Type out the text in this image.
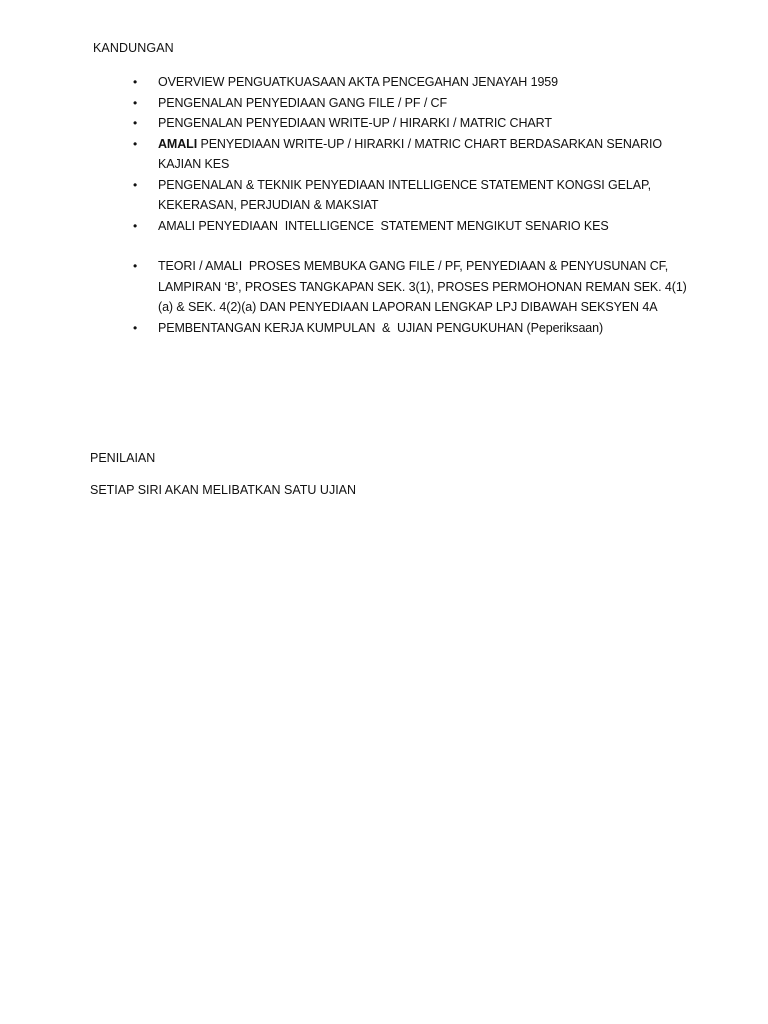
KANDUNGAN
• OVERVIEW PENGUATKUASAAN AKTA PENCEGAHAN JENAYAH 1959
• PENGENALAN PENYEDIAAN GANG FILE / PF / CF
• PENGENALAN PENYEDIAAN WRITE-UP / HIRARKI / MATRIC CHART
• AMALI PENYEDIAAN WRITE-UP / HIRARKI / MATRIC CHART BERDASARKAN SENARIO KAJIAN KES
• PENGENALAN & TEKNIK PENYEDIAAN INTELLIGENCE STATEMENT KONGSI GELAP, KEKERASAN, PERJUDIAN & MAKSIAT
• AMALI PENYEDIAAN  INTELLIGENCE  STATEMENT MENGIKUT SENARIO KES
• TEORI / AMALI  PROSES MEMBUKA GANG FILE / PF, PENYEDIAAN & PENYUSUNAN CF, LAMPIRAN ‘B’, PROSES TANGKAPAN SEK. 3(1), PROSES PERMOHONAN REMAN SEK. 4(1)(a) & SEK. 4(2)(a) DAN PENYEDIAAN LAPORAN LENGKAP LPJ DIBAWAH SEKSYEN 4A
• PEMBENTANGAN KERJA KUMPULAN  &  UJIAN PENGUKUHAN (Peperiksaan)
PENILAIAN
SETIAP SIRI AKAN MELIBATKAN SATU UJIAN
